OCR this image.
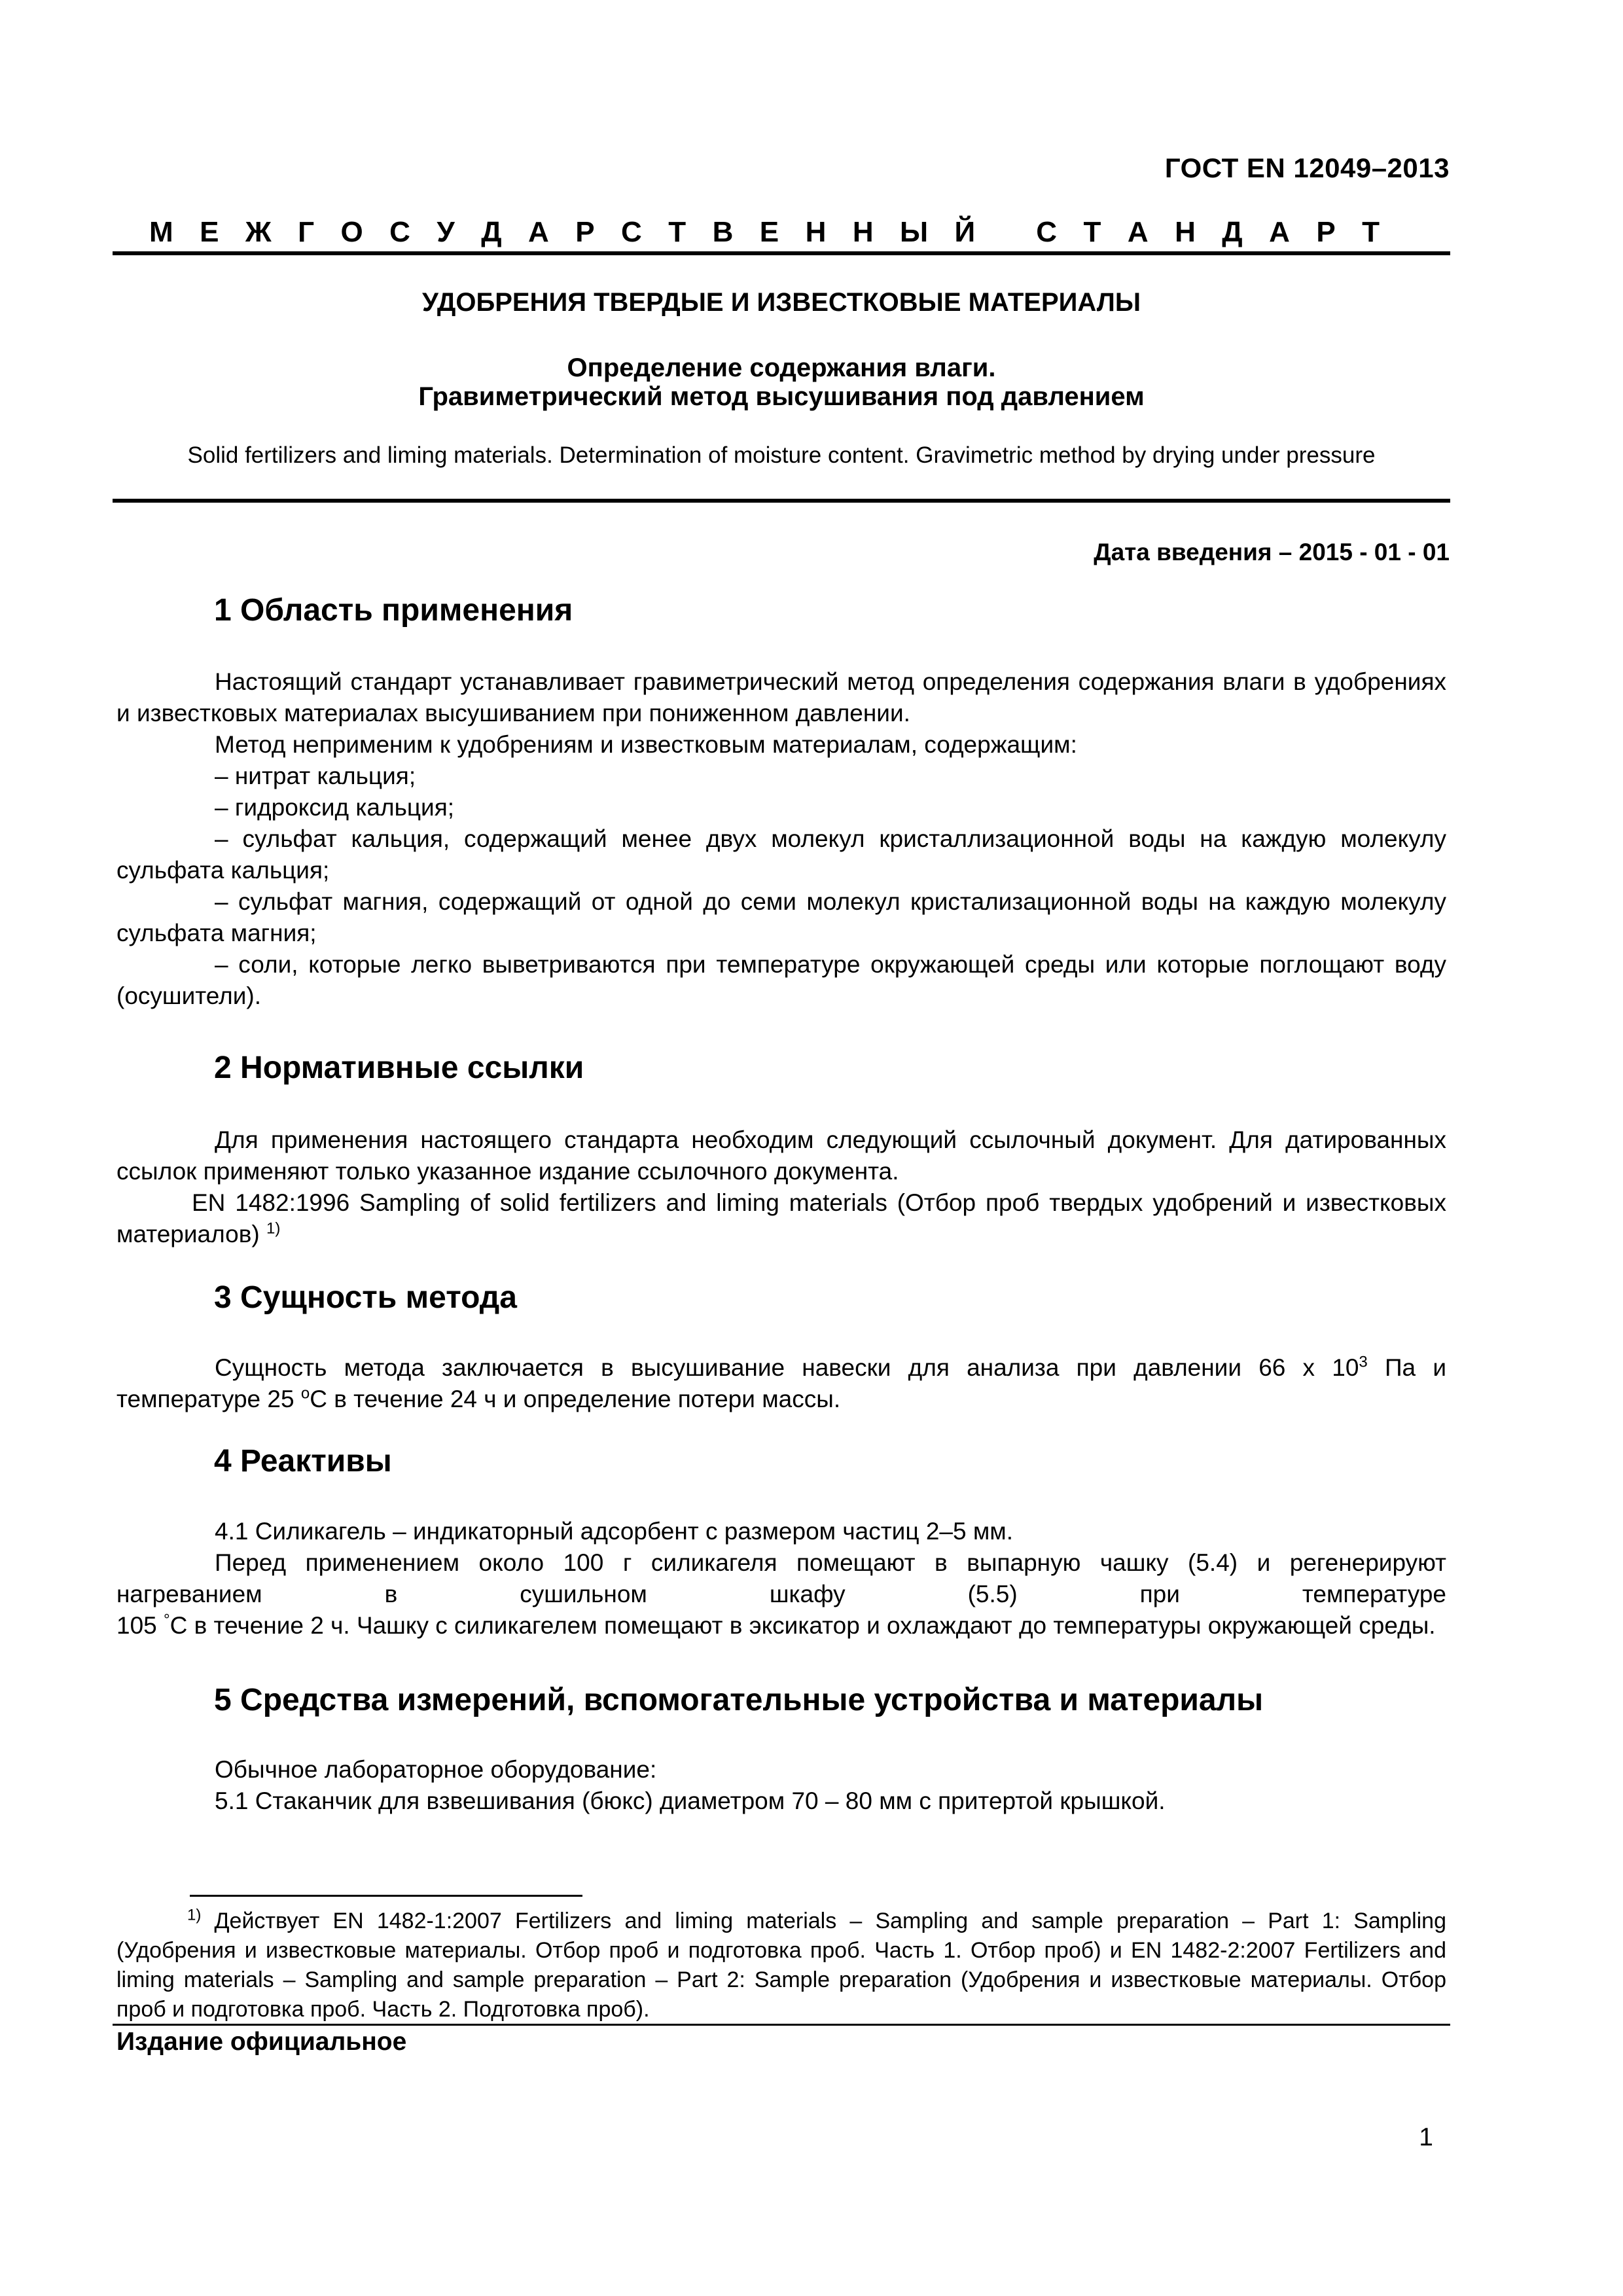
ГОСТ EN 12049–2013
М Е Ж Г О С У Д А Р С Т В Е Н Н Ы Й   С Т А Н Д А Р Т
УДОБРЕНИЯ ТВЕРДЫЕ И ИЗВЕСТКОВЫЕ МАТЕРИАЛЫ
Определение содержания влаги.
Гравиметрический метод высушивания под давлением
Solid fertilizers and liming materials. Determination of moisture content. Gravimetric method by drying under pressure
Дата введения – 2015 - 01 - 01
1 Область применения

Настоящий стандарт устанавливает гравиметрический метод определения содержания влаги в удобрениях и известковых материалах высушиванием при пониженном давлении.

Метод неприменим к удобрениям и известковым материалам, содержащим:

– нитрат кальция;

– гидроксид кальция;

– сульфат кальция, содержащий менее двух молекул кристаллизационной воды на каждую молекулу сульфата кальция;

– сульфат магния, содержащий от одной до семи молекул кристализационной воды на каждую молекулу сульфата магния;

– соли, которые легко выветриваются при температуре окружающей среды или которые поглощают воду (осушители).

2 Нормативные ссылки

Для применения настоящего стандарта необходим следующий ссылочный документ. Для датированных ссылок применяют только указанное издание ссылочного документа.

EN 1482:1996 Sampling of solid fertilizers and liming materials (Отбор проб твердых удобрений и известковых материалов) $^{1)}$

3 Сущность метода

Сущность метода заключается в высушивание навески для анализа при давлении 66 х $10^3$ Па и температуре 25 $^о$С в течение 24 ч и определение потери массы.

4 Реактивы

4.1 Силикагель – индикаторный адсорбент с размером частиц 2–5 мм.

Перед применением около 100 г силикагеля помещают в выпарную чашку (5.4) и регенерируют нагреванием в сушильном шкафу (5.5) при температуре

105 °С в течение 2 ч. Чашку с силикагелем помещают в эксикатор и охлаждают до температуры окружающей среды.

5 Средства измерений, вспомогательные устройства и материалы

Обычное лабораторное оборудование:

5.1 Стаканчик для взвешивания (бюкс) диаметром 70 – 80 мм с притертой крышкой.

$^{1)}$ Действует EN 1482-1:2007 Fertilizers and liming materials – Sampling and sample preparation – Part 1: Sampling (Удобрения и известковые материалы. Отбор проб и подготовка проб. Часть 1. Отбор проб) и EN 1482-2:2007 Fertilizers and liming materials – Sampling and sample preparation – Part 2: Sample preparation (Удобрения и известковые материалы. Отбор проб и подготовка проб. Часть 2. Подготовка проб).

Издание официальное
1
